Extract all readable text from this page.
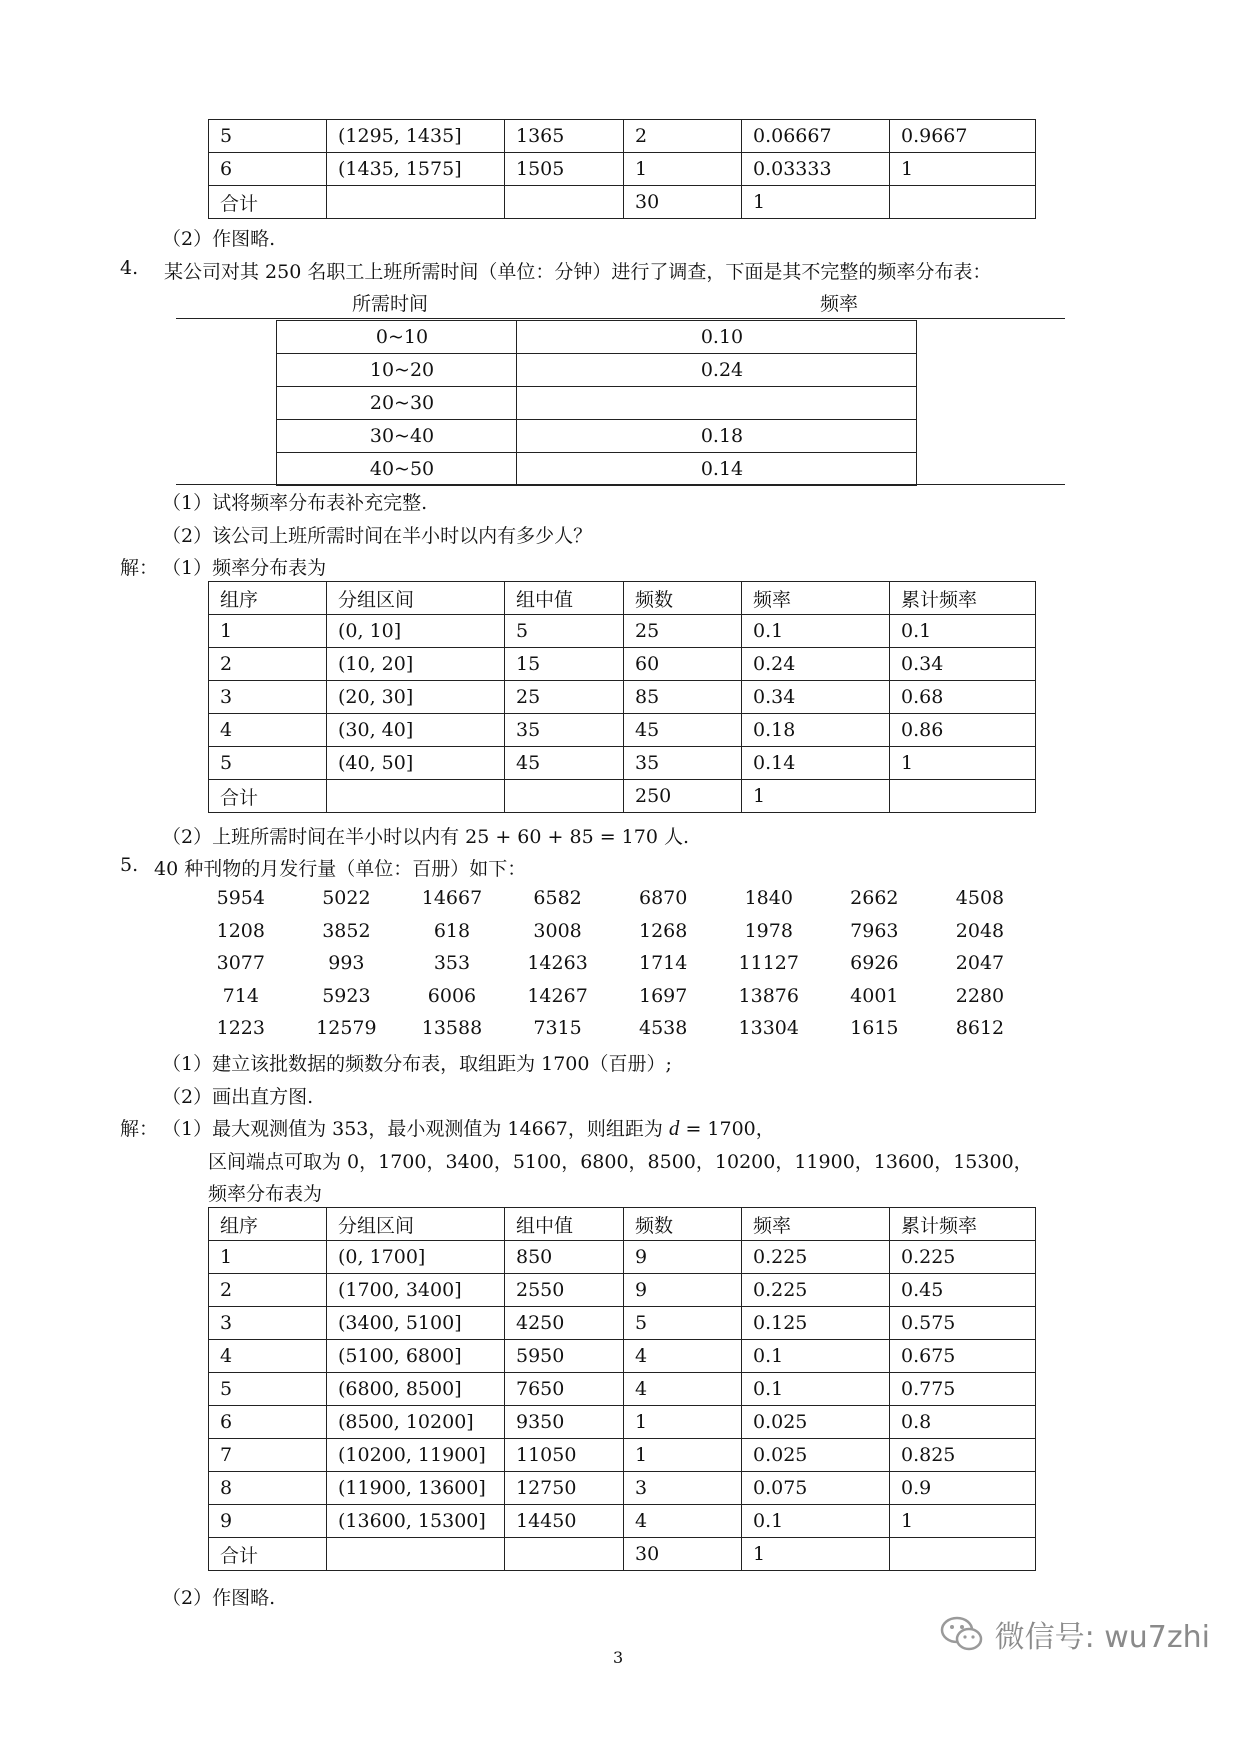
5	(1295, 1435]	1365	2	0.06667	0.9667
6	(1435, 1575]	1505	1	0.03333	1
合计			30	1	
（2）作图略.
4. 某公司对其 250 名职工上班所需时间（单位：分钟）进行了调查，下面是其不完整的频率分布表：
所需时间	频率
0~10	0.10
10~20	0.24
20~30	
30~40	0.18
40~50	0.14
（1）试将频率分布表补充完整.
（2）该公司上班所需时间在半小时以内有多少人？
解： （1）频率分布表为
组序	分组区间	组中值	频数	频率	累计频率
1	(0, 10]	5	25	0.1	0.1
2	(10, 20]	15	60	0.24	0.34
3	(20, 30]	25	85	0.34	0.68
4	(30, 40]	35	45	0.18	0.86
5	(40, 50]	45	35	0.14	1
合计			250	1	
（2）上班所需时间在半小时以内有 25 + 60 + 85 = 170 人.
5. 40 种刊物的月发行量（单位：百册）如下：
5954	5022	14667	6582	6870	1840	2662	4508
1208	3852	618	3008	1268	1978	7963	2048
3077	993	353	14263	1714	11127	6926	2047
714	5923	6006	14267	1697	13876	4001	2280
1223	12579	13588	7315	4538	13304	1615	8612
（1）建立该批数据的频数分布表，取组距为 1700（百册）;
（2）画出直方图.
解： （1）最大观测值为 353，最小观测值为 14667，则组距为 d = 1700，
区间端点可取为 0，1700，3400，5100，6800，8500，10200，11900，13600，15300，
频率分布表为
组序	分组区间	组中值	频数	频率	累计频率
1	(0, 1700]	850	9	0.225	0.225
2	(1700, 3400]	2550	9	0.225	0.45
3	(3400, 5100]	4250	5	0.125	0.575
4	(5100, 6800]	5950	4	0.1	0.675
5	(6800, 8500]	7650	4	0.1	0.775
6	(8500, 10200]	9350	1	0.025	0.8
7	(10200, 11900]	11050	1	0.025	0.825
8	(11900, 13600]	12750	3	0.075	0.9
9	(13600, 15300]	14450	4	0.1	1
合计			30	1	
（2）作图略.
3
微信号: wu7zhi
